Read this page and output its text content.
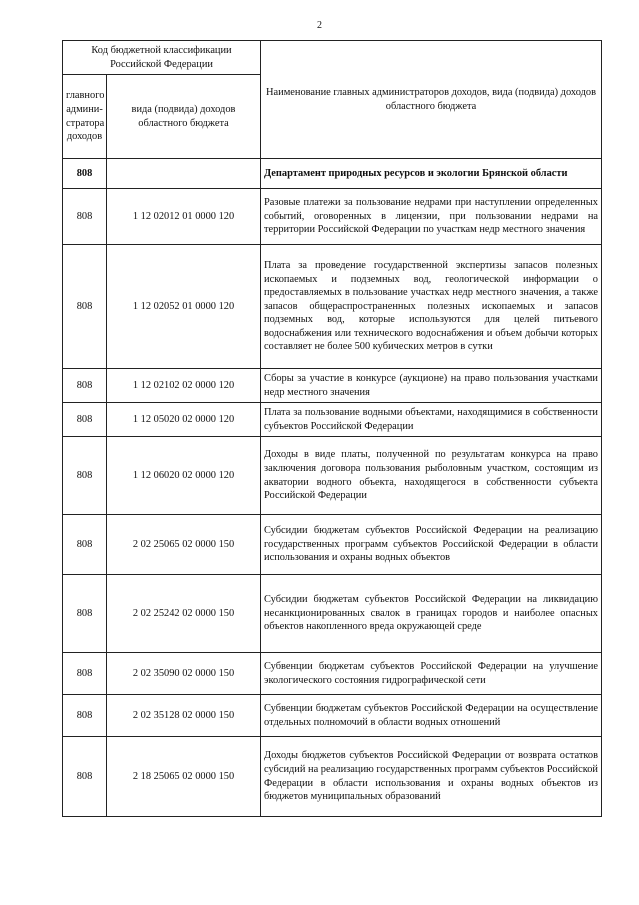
2
Код бюджетной классификации Российской Федерации		Наименование главных администраторов доходов, вида (подвида) доходов областного бюджета
главного админи-стратора доходов	вида (подвида) доходов областного бюджета	
808		Департамент природных ресурсов и экологии Брянской области
808	1 12 02012 01 0000 120	Разовые платежи за пользование недрами при наступлении определенных событий, оговоренных в лицензии, при пользовании недрами на территории Российской Федерации по участкам недр местного значения
808	1 12 02052 01 0000 120	Плата за проведение государственной экспертизы запасов полезных ископаемых и подземных вод, геологической информации о предоставляемых в пользование участках недр местного значения, а также запасов общераспространенных полезных ископаемых и запасов подземных вод, которые используются для целей питьевого водоснабжения или технического водоснабжения и объем добычи которых составляет не более 500 кубических метров в сутки
808	1 12 02102 02 0000 120	Сборы за участие в конкурсе (аукционе) на право пользования участками недр местного значения
808	1 12 05020 02 0000 120	Плата за пользование водными объектами, находящимися в собственности субъектов Российской Федерации
808	1 12 06020 02 0000 120	Доходы в виде платы, полученной по результатам конкурса на право заключения договора пользования рыболовным участком, состоящим из акватории водного объекта, находящегося в собственности субъекта Российской Федерации
808	2 02 25065 02 0000 150	Субсидии бюджетам субъектов Российской Федерации на реализацию государственных программ субъектов Российской Федерации в области использования и охраны водных объектов
808	2 02 25242 02 0000 150	Субсидии бюджетам субъектов Российской Федерации на ликвидацию несанкционированных свалок в границах городов и наиболее опасных объектов накопленного вреда окружающей среде
808	2 02 35090 02 0000 150	Субвенции бюджетам субъектов Российской Федерации на улучшение экологического состояния гидрографической сети
808	2 02 35128 02 0000 150	Субвенции бюджетам субъектов Российской Федерации на осуществление отдельных полномочий в области водных отношений
808	2 18 25065 02 0000 150	Доходы бюджетов субъектов Российской Федерации от возврата остатков субсидий на реализацию государственных программ субъектов Российской Федерации в области использования и охраны водных объектов из бюджетов муниципальных образований
